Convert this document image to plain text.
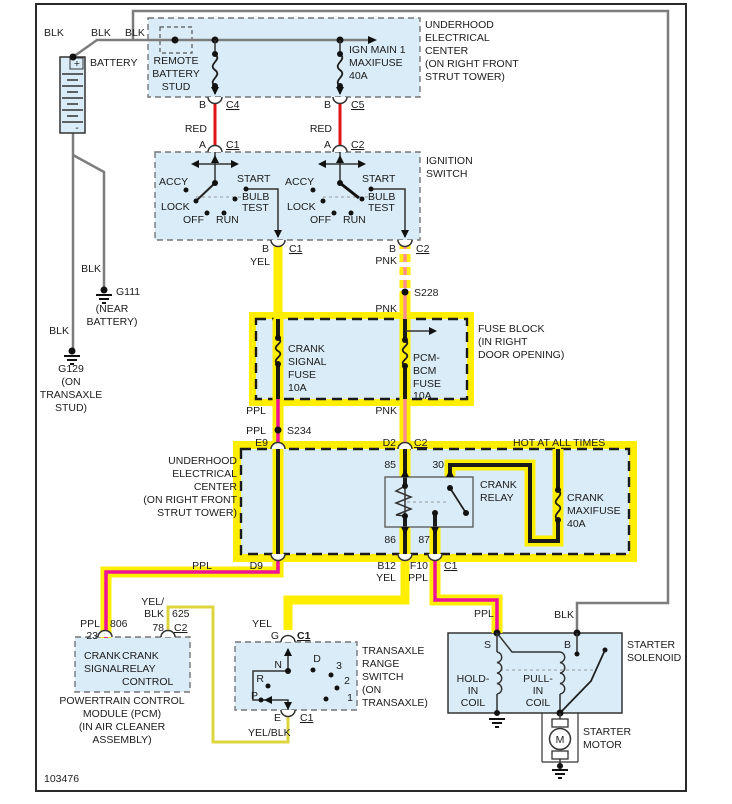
BLK	BLK BLK
BATTERY
+
-
UNDERHOOD
ELECTRICAL
CENTER
(ON RIGHT FRONT
STRUT TOWER)
REMOTE
BATTERY
STUD
IGN MAIN 1
MAXIFUSE
40A
B C4	B C5
RED	RED
A C1	A C2
IGNITION
SWITCH
ACCY
LOCK
OFF RUN
START
BULB
TEST
ACCY
LOCK
OFF RUN
START
BULB
TEST
B C1	B C2
YEL	PNK
S228
PNK
FUSE BLOCK
(IN RIGHT
DOOR OPENING)
CRANK
SIGNAL
FUSE
10A
PCM-
BCM
FUSE
10A
PPL
PPL S234
E9
PNK
D2 C2
UNDERHOOD
ELECTRICAL
CENTER
(ON RIGHT FRONT
STRUT TOWER)
HOT AT ALL TIMES
85	30
86 87
CRANK
RELAY	CRANK
MAXIFUSE
40A
PPL	D9	B12
YEL
F10
PPL
C1
BLK
G111
(NEAR
BATTERY)
BLK
G129
(ON
TRANSAXLE
STUD)
YEL
G C1
TRANSAXLE
RANGE
SWITCH
(ON
TRANSAXLE)
N	D
R
P
3
2
1
E C1
YEL/BLK
PPL
23
806
YEL/
BLK 625
78 C2
CRANK
SIGNAL
CRANK
RELAY
CONTROL
POWERTRAIN CONTROL
MODULE (PCM)
(IN AIR CLEANER
ASSEMBLY)
PPL	BLK
STARTER
SOLENOID
S	B
HOLD-
IN
COIL
PULL-
IN
COIL
M
STARTER
MOTOR
103476
